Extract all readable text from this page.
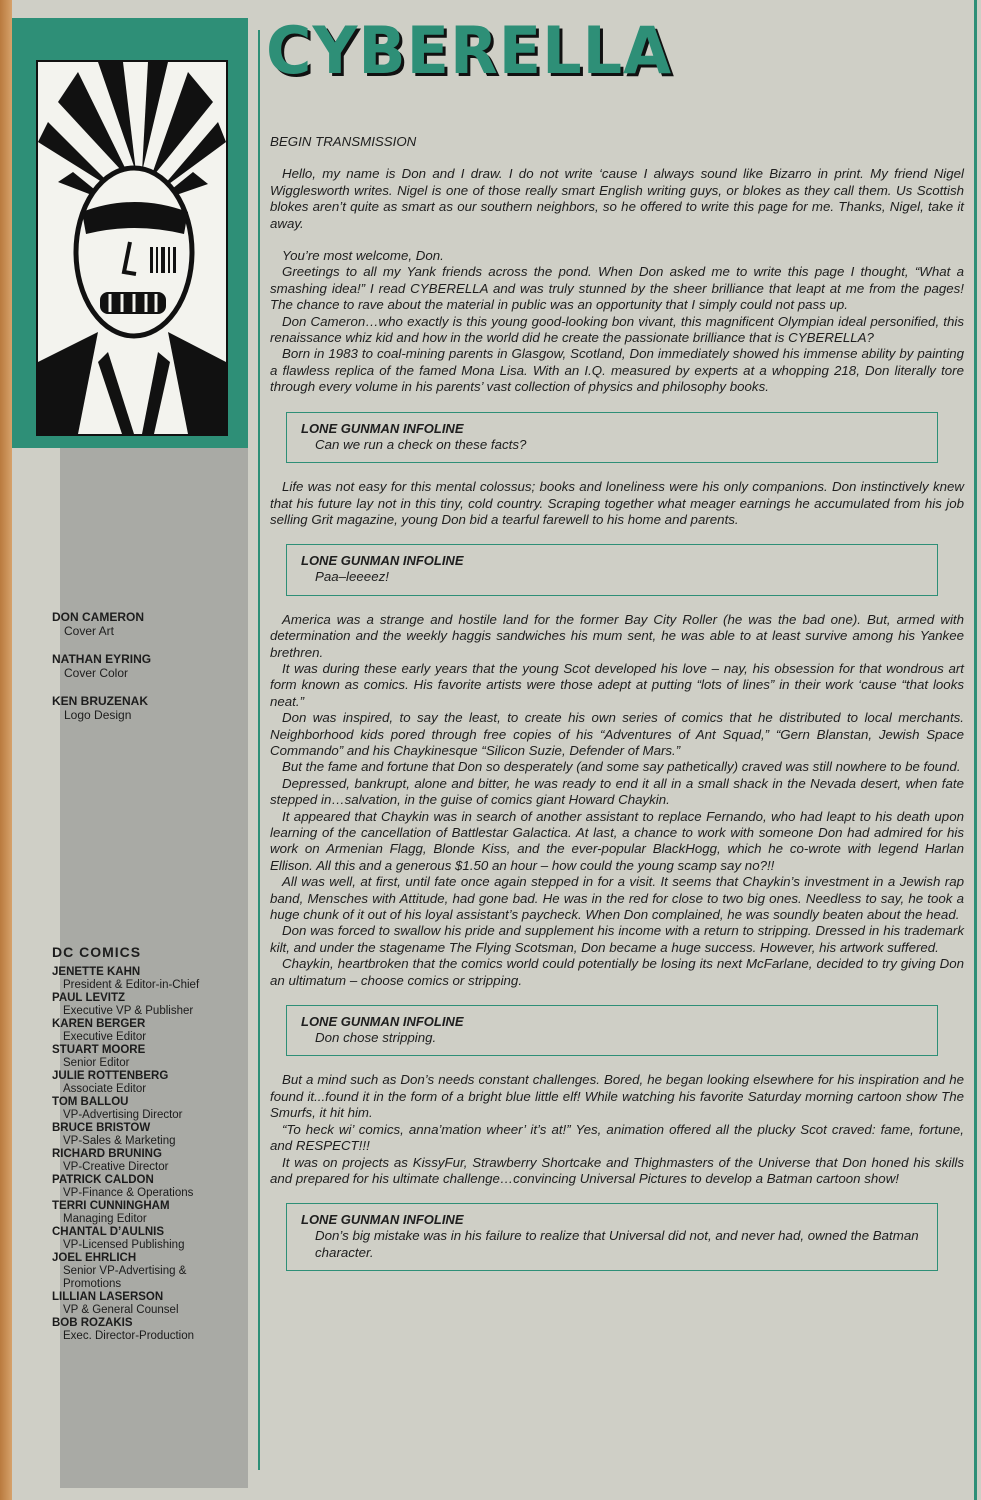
DON CAMERON
Cover Art
NATHAN EYRING
Cover Color
KEN BRUZENAK
Logo Design
DC COMICS
JENETTE KAHN
President & Editor-in-Chief
PAUL LEVITZ
Executive VP & Publisher
KAREN BERGER
Executive Editor
STUART MOORE
Senior Editor
JULIE ROTTENBERG
Associate Editor
TOM BALLOU
VP-Advertising Director
BRUCE BRISTOW
VP-Sales & Marketing
RICHARD BRUNING
VP-Creative Director
PATRICK CALDON
VP-Finance & Operations
TERRI CUNNINGHAM
Managing Editor
CHANTAL D’AULNIS
VP-Licensed Publishing
JOEL EHRLICH
Senior VP-Advertising & Promotions
LILLIAN LASERSON
VP & General Counsel
BOB ROZAKIS
Exec. Director-Production
CYBERELLA

BEGIN TRANSMISSION

Hello, my name is Don and I draw. I do not write ‘cause I always sound like Bizarro in print. My friend Nigel Wigglesworth writes. Nigel is one of those really smart English writing guys, or blokes as they call them. Us Scottish blokes aren’t quite as smart as our southern neighbors, so he offered to write this page for me. Thanks, Nigel, take it away.

You’re most welcome, Don.

Greetings to all my Yank friends across the pond. When Don asked me to write this page I thought, “What a smashing idea!” I read CYBERELLA and was truly stunned by the sheer brilliance that leapt at me from the pages! The chance to rave about the material in public was an opportunity that I simply could not pass up.

Don Cameron…who exactly is this young good-looking bon vivant, this magnificent Olympian ideal personified, this renaissance whiz kid and how in the world did he create the passionate brilliance that is CYBERELLA?

Born in 1983 to coal-mining parents in Glasgow, Scotland, Don immediately showed his immense ability by painting a flawless replica of the famed Mona Lisa. With an I.Q. measured by experts at a whopping 218, Don literally tore through every volume in his parents’ vast collection of physics and philosophy books.

LONE GUNMAN INFOLINE
Can we run a check on these facts?

Life was not easy for this mental colossus; books and loneliness were his only companions. Don instinctively knew that his future lay not in this tiny, cold country. Scraping together what meager earnings he accumulated from his job selling Grit magazine, young Don bid a tearful farewell to his home and parents.

LONE GUNMAN INFOLINE
Paa–leeeez!

America was a strange and hostile land for the former Bay City Roller (he was the bad one). But, armed with determination and the weekly haggis sandwiches his mum sent, he was able to at least survive among his Yankee brethren.

It was during these early years that the young Scot developed his love – nay, his obsession for that wondrous art form known as comics. His favorite artists were those adept at putting “lots of lines” in their work ‘cause “that looks neat.”

Don was inspired, to say the least, to create his own series of comics that he distributed to local merchants. Neighborhood kids pored through free copies of his “Adventures of Ant Squad,” “Gern Blanstan, Jewish Space Commando” and his Chaykinesque “Silicon Suzie, Defender of Mars.”

But the fame and fortune that Don so desperately (and some say pathetically) craved was still nowhere to be found.

Depressed, bankrupt, alone and bitter, he was ready to end it all in a small shack in the Nevada desert, when fate stepped in…salvation, in the guise of comics giant Howard Chaykin.

It appeared that Chaykin was in search of another assistant to replace Fernando, who had leapt to his death upon learning of the cancellation of Battlestar Galactica. At last, a chance to work with someone Don had admired for his work on Armenian Flagg, Blonde Kiss, and the ever-popular BlackHogg, which he co-wrote with legend Harlan Ellison. All this and a generous $1.50 an hour – how could the young scamp say no?!!

All was well, at first, until fate once again stepped in for a visit. It seems that Chaykin’s investment in a Jewish rap band, Mensches with Attitude, had gone bad. He was in the red for close to two big ones. Needless to say, he took a huge chunk of it out of his loyal assistant’s paycheck. When Don complained, he was soundly beaten about the head.

Don was forced to swallow his pride and supplement his income with a return to stripping. Dressed in his trademark kilt, and under the stagename The Flying Scotsman, Don became a huge success. However, his artwork suffered.

Chaykin, heartbroken that the comics world could potentially be losing its next McFarlane, decided to try giving Don an ultimatum – choose comics or stripping.

LONE GUNMAN INFOLINE
Don chose stripping.

But a mind such as Don’s needs constant challenges. Bored, he began looking elsewhere for his inspiration and he found it...found it in the form of a bright blue little elf! While watching his favorite Saturday morning cartoon show The Smurfs, it hit him.

“To heck wi’ comics, anna’mation wheer’ it’s at!” Yes, animation offered all the plucky Scot craved: fame, fortune, and RESPECT!!!

It was on projects as KissyFur, Strawberry Shortcake and Thighmasters of the Universe that Don honed his skills and prepared for his ultimate challenge…convincing Universal Pictures to develop a Batman cartoon show!

LONE GUNMAN INFOLINE
Don’s big mistake was in his failure to realize that Universal did not, and never had, owned the Batman character.
